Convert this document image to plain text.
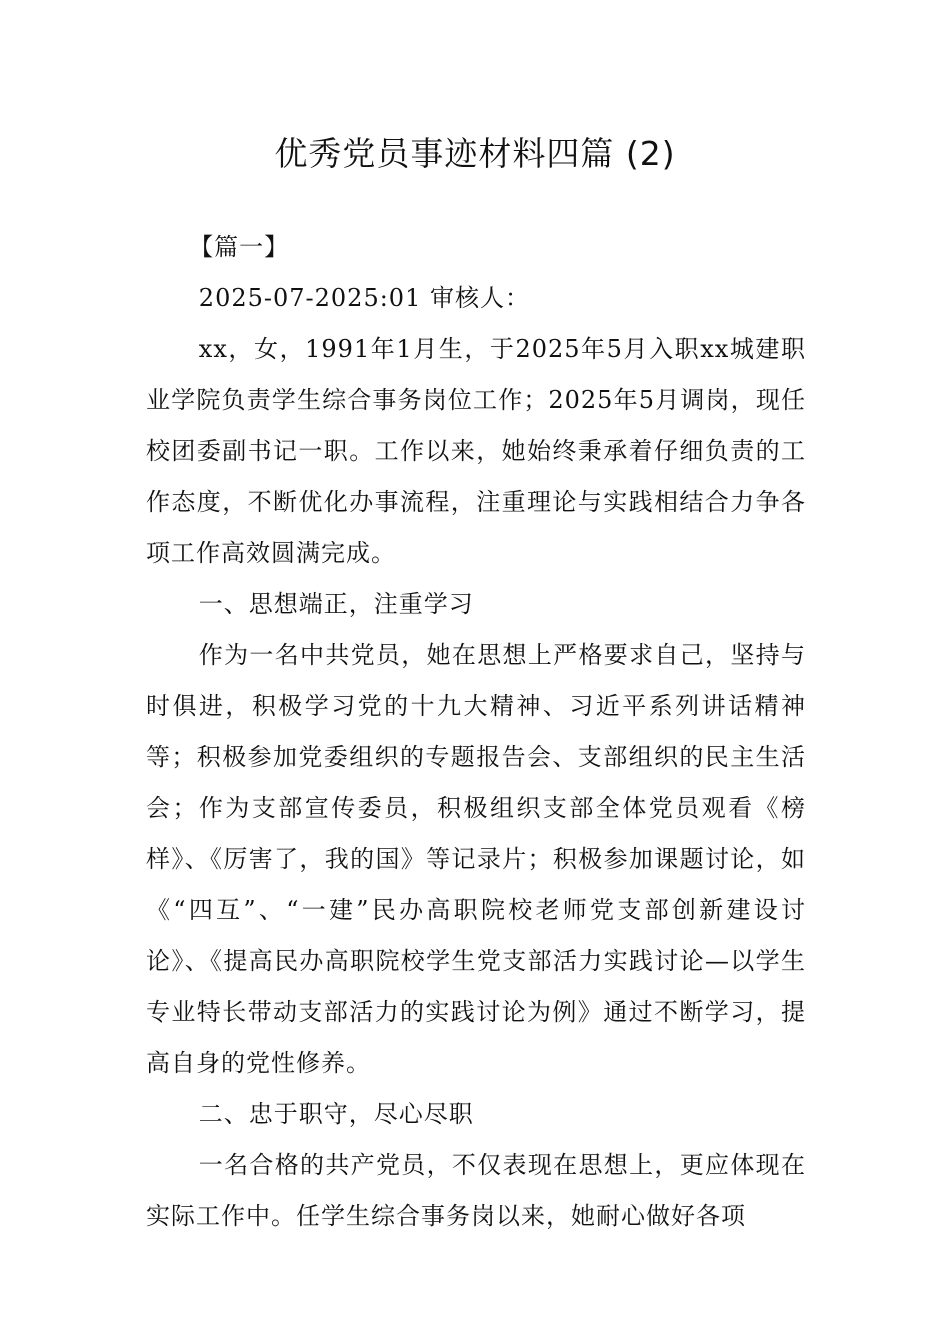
优秀党员事迹材料四篇 (2)

【篇一】

2025-07-2025:01 审核人：

xx，女，1991年1月生，于2025年5月入职xx城建职业学院负责学生综合事务岗位工作；2025年5月调岗，现任校团委副书记一职。工作以来，她始终秉承着仔细负责的工作态度，不断优化办事流程，注重理论与实践相结合力争各项工作高效圆满完成。

一、思想端正，注重学习

作为一名中共党员，她在思想上严格要求自己，坚持与时俱进，积极学习党的十九大精神、习近平系列讲话精神等；积极参加党委组织的专题报告会、支部组织的民主生活会；作为支部宣传委员，积极组织支部全体党员观看《榜样》、《厉害了，我的国》等记录片；积极参加课题讨论，如《“四互”、“一建”民办高职院校老师党支部创新建设讨论》、《提高民办高职院校学生党支部活力实践讨论—以学生专业特长带动支部活力的实践讨论为例》通过不断学习，提高自身的党性修养。

二、忠于职守，尽心尽职

一名合格的共产党员，不仅表现在思想上，更应体现在实际工作中。任学生综合事务岗以来，她耐心做好各项
